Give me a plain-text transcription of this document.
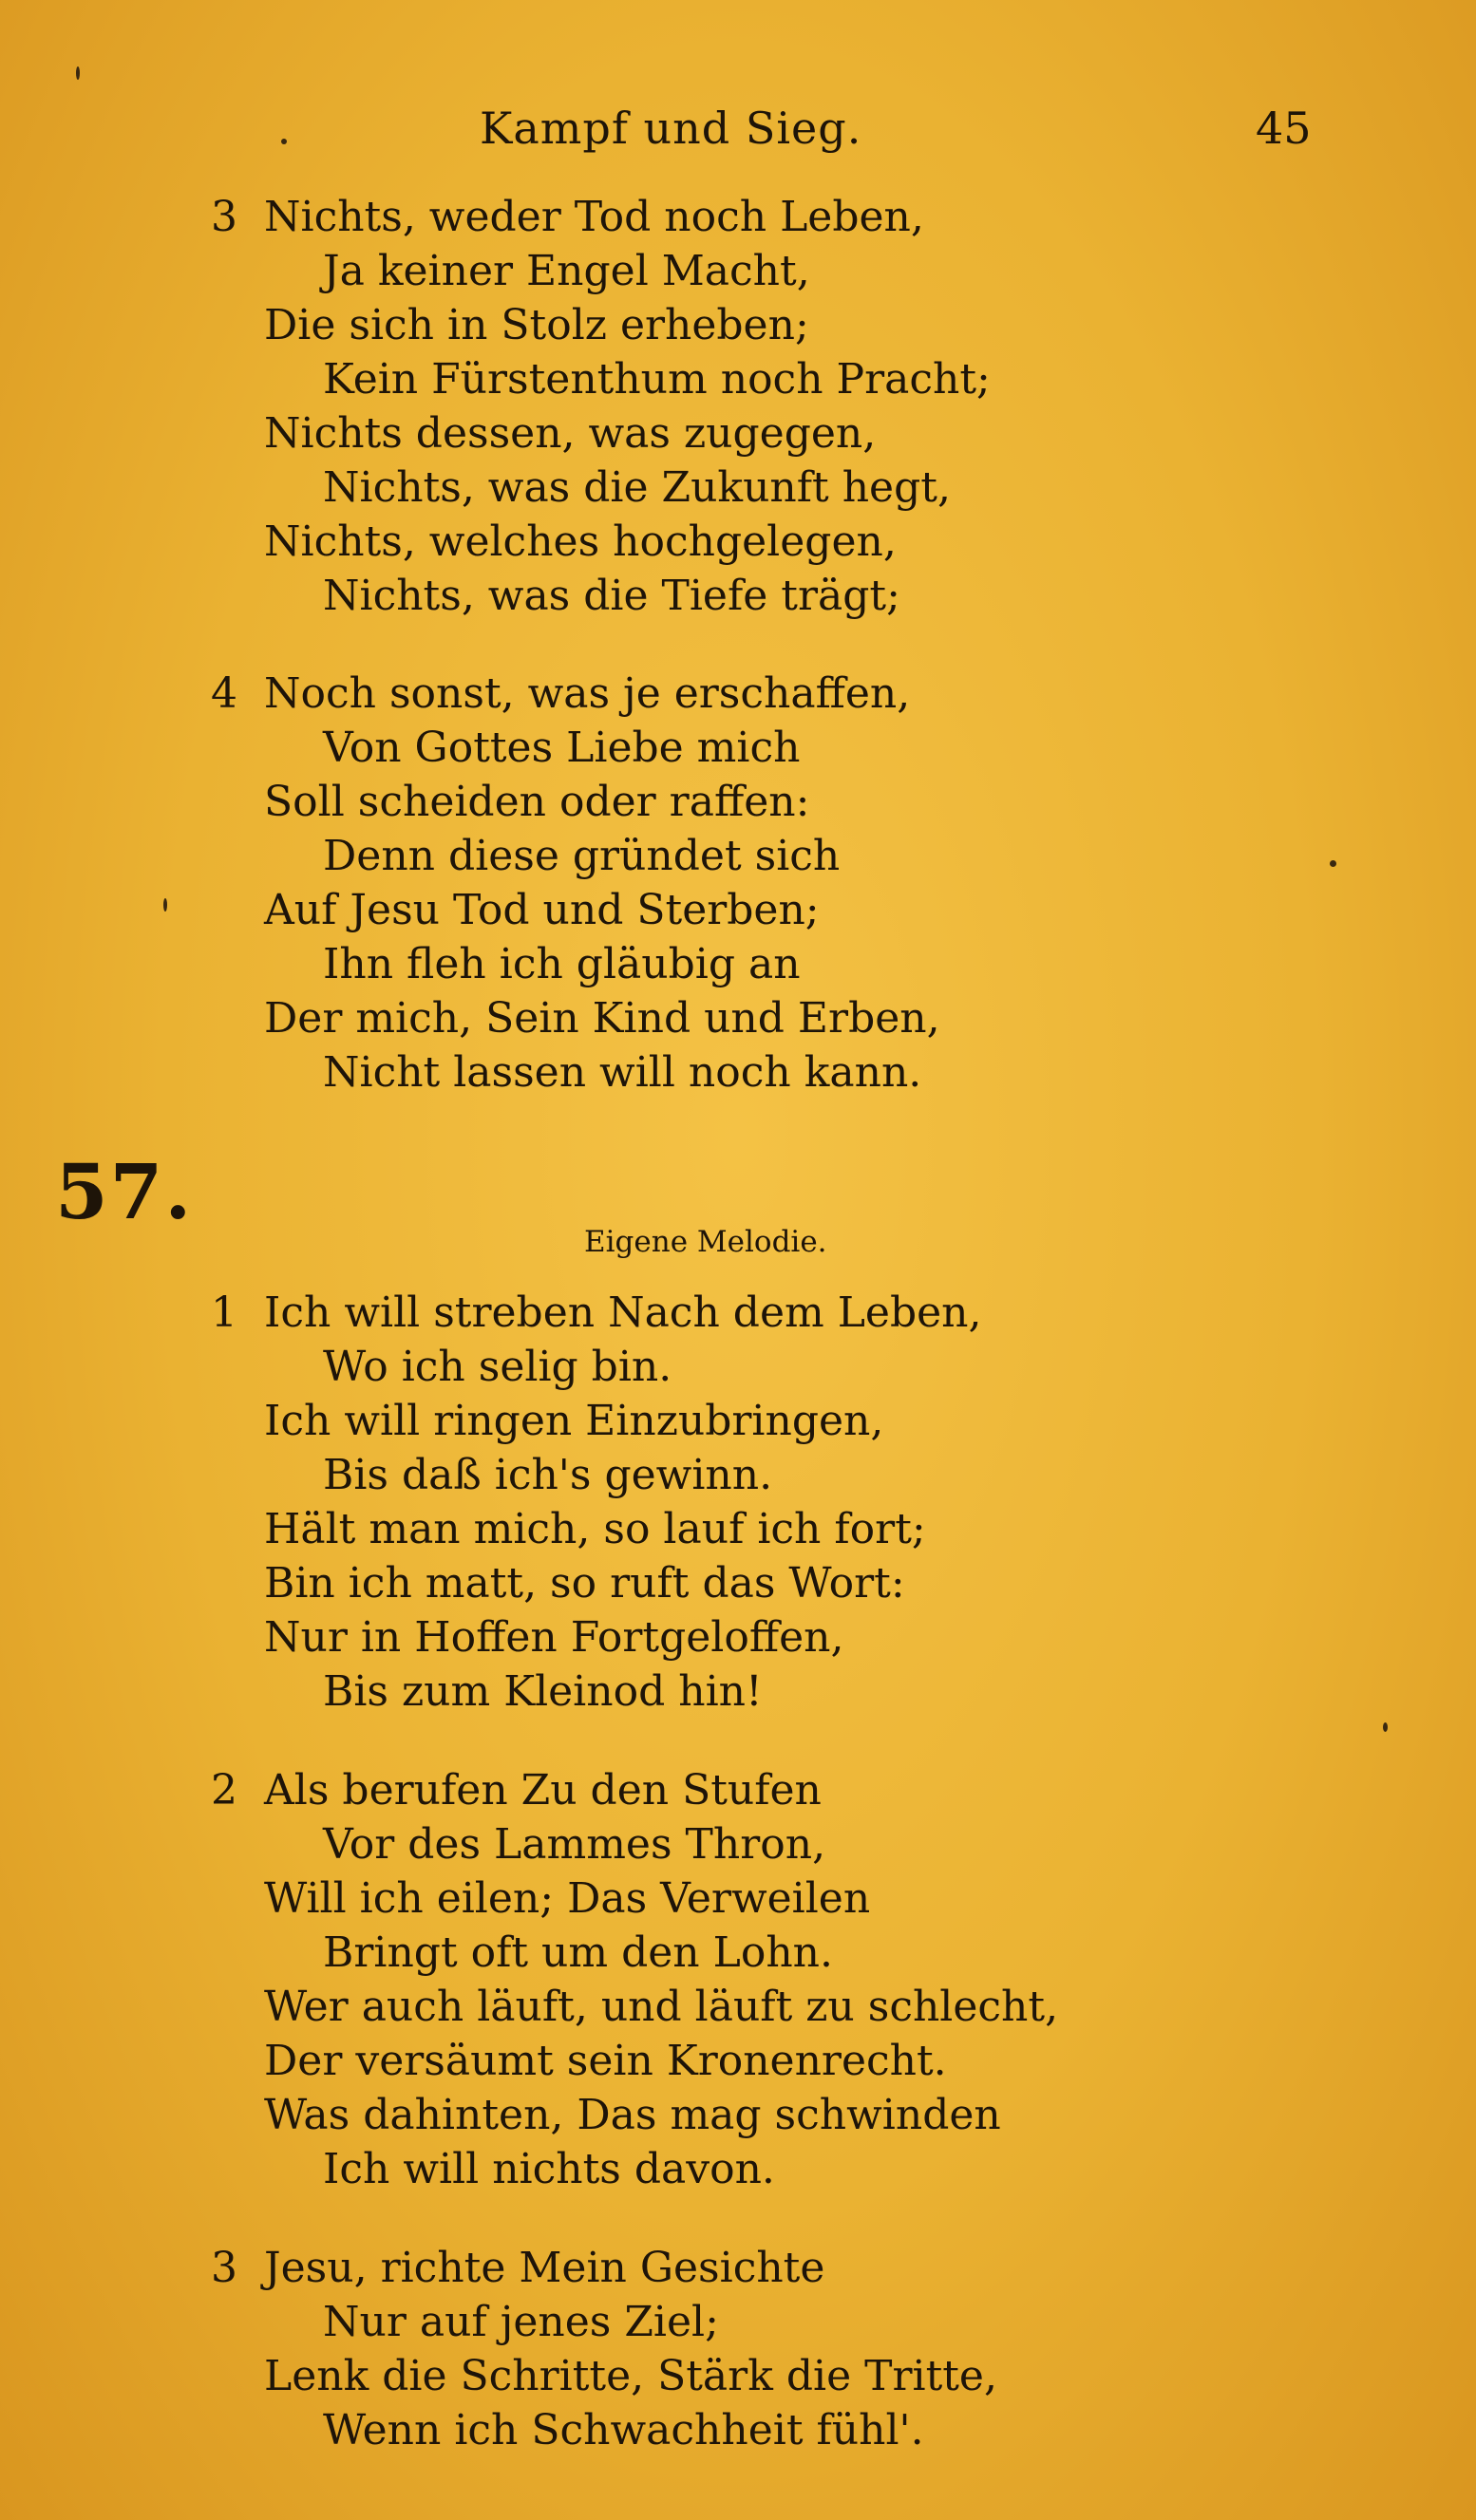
Kampf und Sieg.	45
3 Nichts, weder Tod noch Leben,
Ja keiner Engel Macht,
Die sich in Stolz erheben;
Kein Fürstenthum noch Pracht;
Nichts dessen, was zugegen,
Nichts, was die Zukunft hegt,
Nichts, welches hochgelegen,
Nichts, was die Tiefe trägt;
4 Noch sonst, was je erschaffen,
Von Gottes Liebe mich
Soll scheiden oder raffen:
Denn diese gründet sich
Auf Jesu Tod und Sterben;
Ihn fleh ich gläubig an
Der mich, Sein Kind und Erben,
Nicht lassen will noch kann.
57.
Eigene Melodie.
1 Ich will streben Nach dem Leben,
Wo ich selig bin.
Ich will ringen Einzubringen,
Bis daß ich's gewinn.
Hält man mich, so lauf ich fort;
Bin ich matt, so ruft das Wort:
Nur in Hoffen Fortgeloffen,
Bis zum Kleinod hin!
2 Als berufen Zu den Stufen
Vor des Lammes Thron,
Will ich eilen; Das Verweilen
Bringt oft um den Lohn.
Wer auch läuft, und läuft zu schlecht,
Der versäumt sein Kronenrecht.
Was dahinten, Das mag schwinden
Ich will nichts davon.
3 Jesu, richte Mein Gesichte
Nur auf jenes Ziel;
Lenk die Schritte, Stärk die Tritte,
Wenn ich Schwachheit fühl'.
